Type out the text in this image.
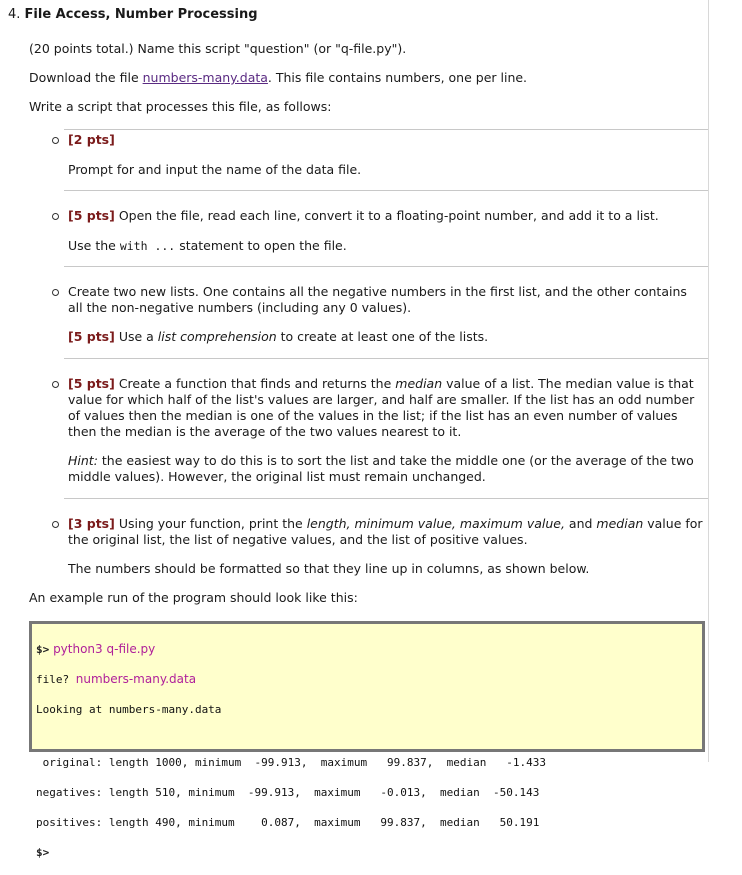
4. File Access, Number Processing
(20 points total.) Name this script "question" (or "q-file.py").
Download the file numbers-many.data. This file contains numbers, one per line.
Write a script that processes this file, as follows:
[2 pts]
Prompt for and input the name of the data file.
[5 pts] Open the file, read each line, convert it to a floating-point number, and add it to a list.
Use the with ... statement to open the file.
Create two new lists. One contains all the negative numbers in the first list, and the other contains all the non-negative numbers (including any 0 values).
[5 pts] Use a list comprehension to create at least one of the lists.
[5 pts] Create a function that finds and returns the median value of a list. The median value is that value for which half of the list's values are larger, and half are smaller. If the list has an odd number of values then the median is one of the values in the list; if the list has an even number of values then the median is the average of the two values nearest to it.
Hint: the easiest way to do this is to sort the list and take the middle one (or the average of the two middle values). However, the original list must remain unchanged.
[3 pts] Using your function, print the length, minimum value, maximum value, and median value for the original list, the list of negative values, and the list of positive values.
The numbers should be formatted so that they line up in columns, as shown below.
An example run of the program should look like this:

$> python3 q-file.py

file? numbers-many.data

Looking at numbers-many.data

original: length 1000, minimum  -99.913,  maximum   99.837,  median   -1.433

negatives: length 510, minimum  -99.913,  maximum   -0.013,  median  -50.143

positives: length 490, minimum    0.087,  maximum   99.837,  median   50.191

$>
